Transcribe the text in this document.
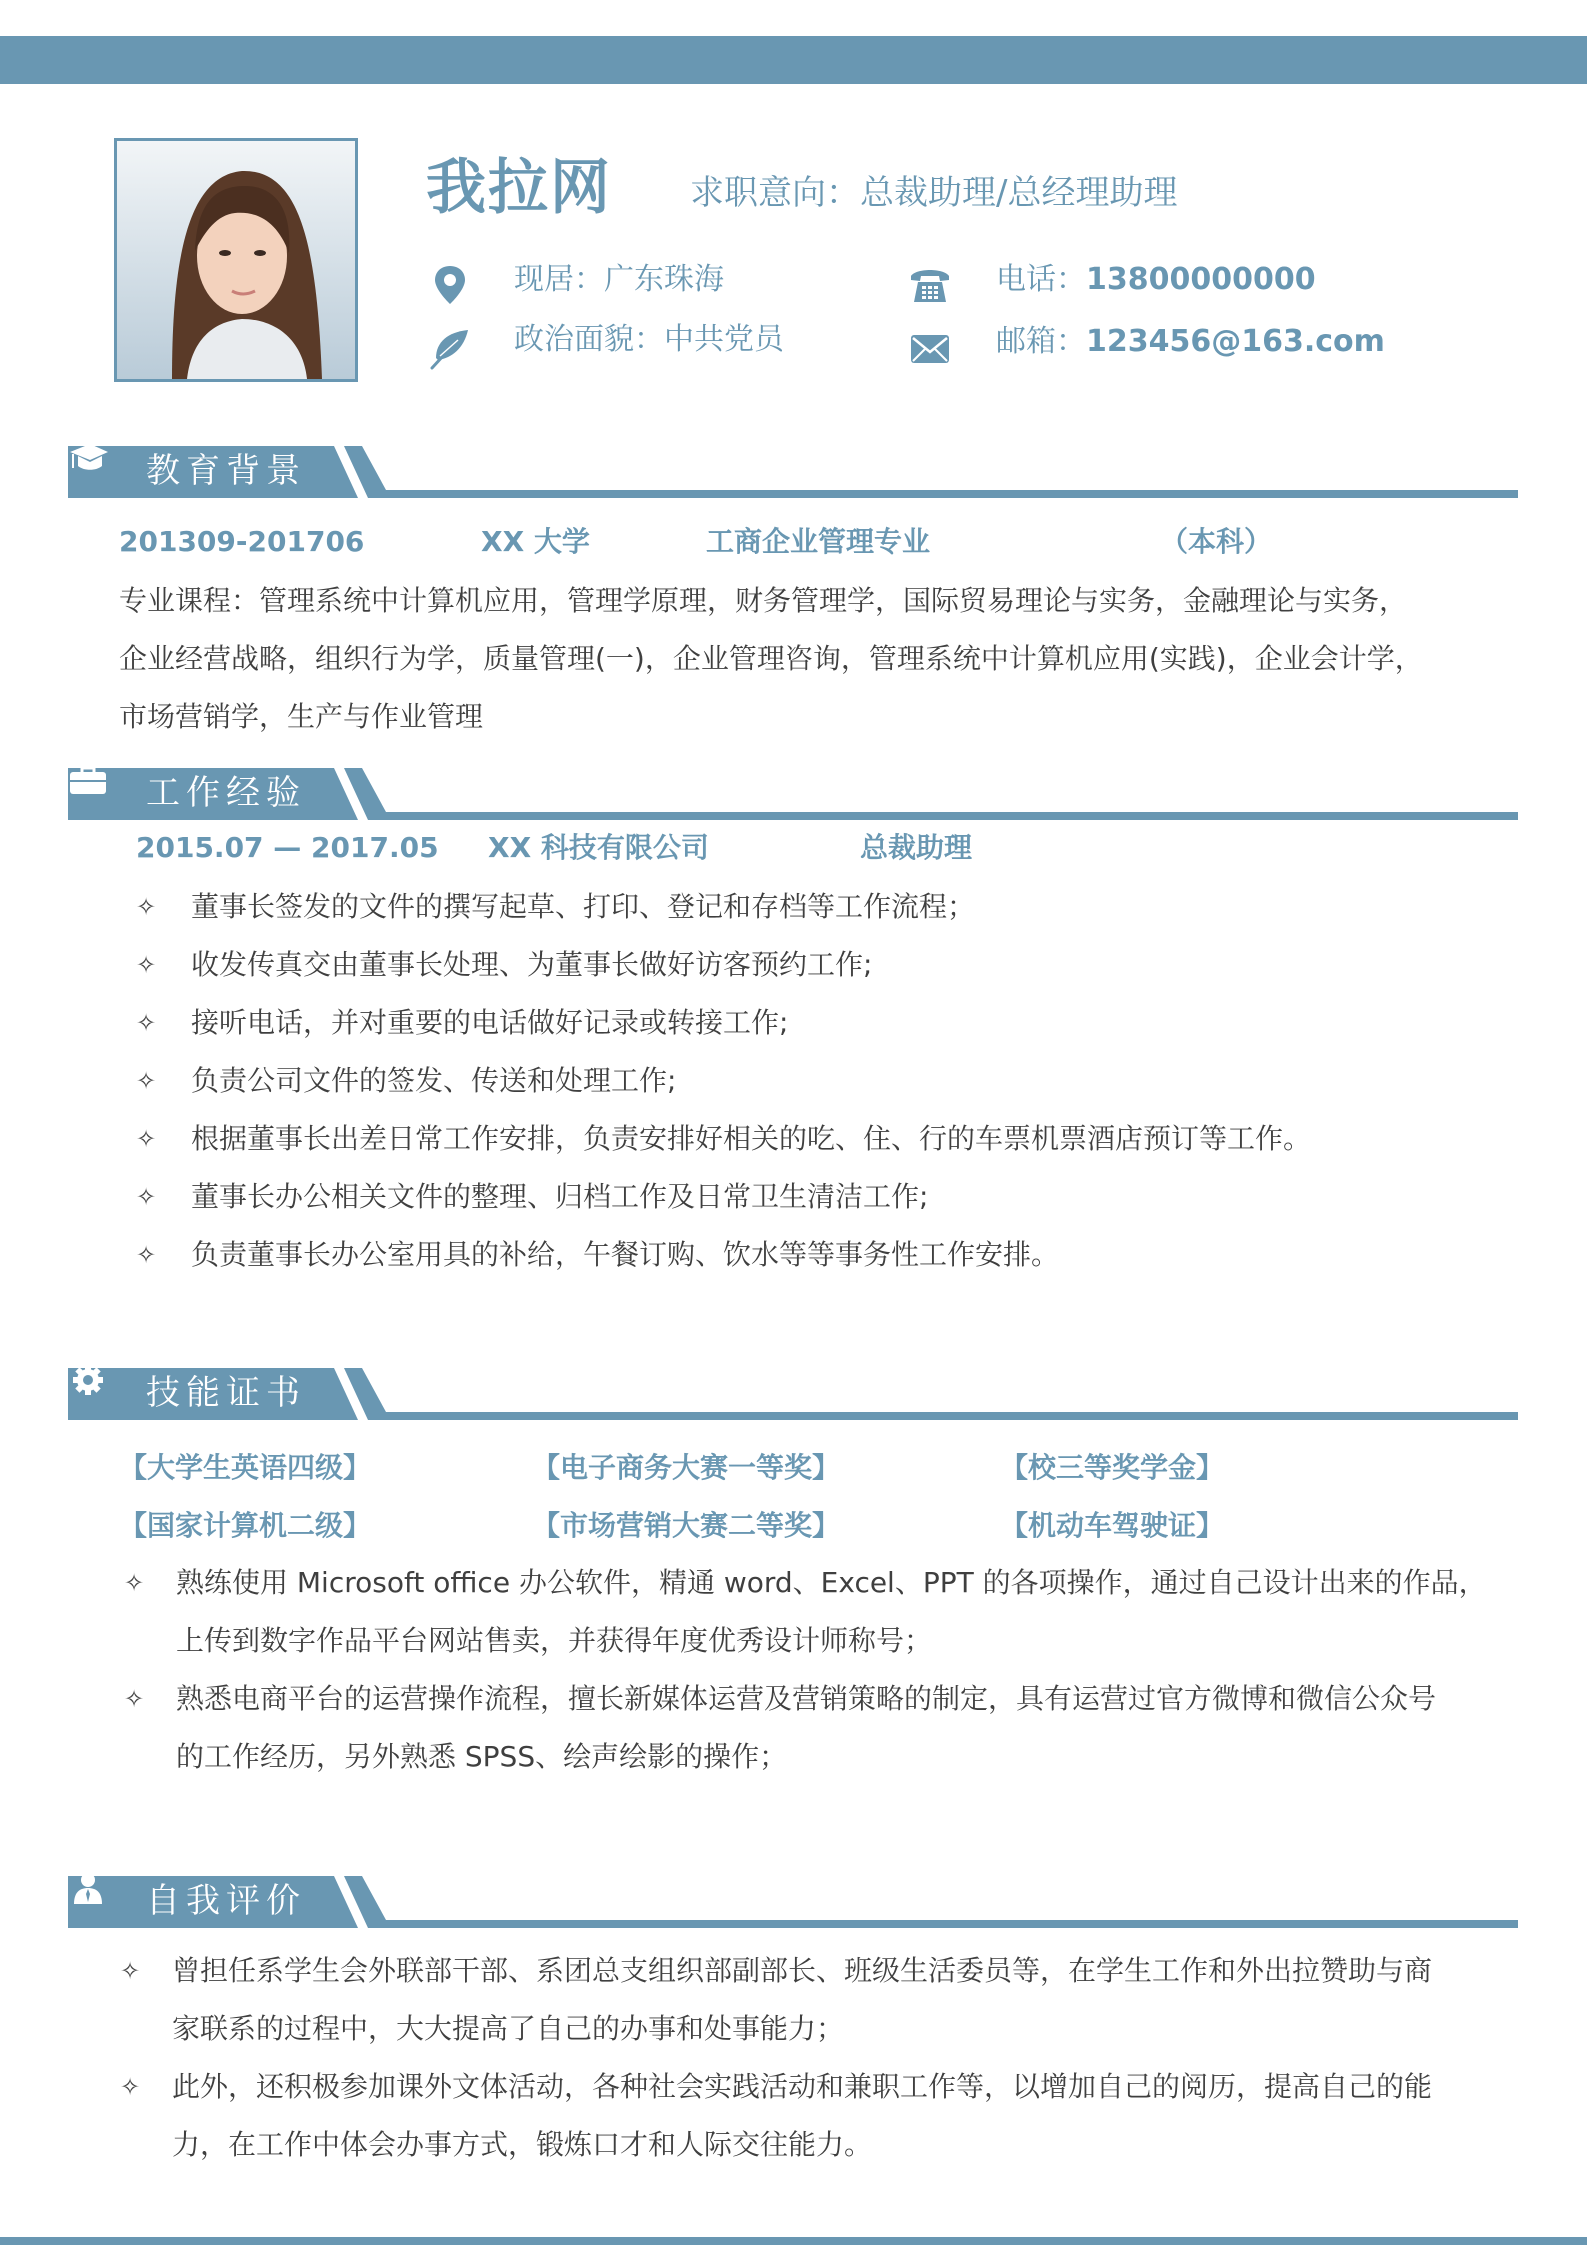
我拉网 求职意向：总裁助理/总经理助理
现居：广东珠海	电话：13800000000
政治面貌：中共党员	邮箱：123456@163.com
教育背景
201309-201706	XX 大学	工商企业管理专业	（本科）
专业课程：管理系统中计算机应用，管理学原理，财务管理学，国际贸易理论与实务，金融理论与实务，
企业经营战略，组织行为学，质量管理(一)，企业管理咨询，管理系统中计算机应用(实践)，企业会计学，
市场营销学，生产与作业管理
工作经验
2015.07 — 2017.05 XX 科技有限公司	总裁助理
✧ 董事长签发的文件的撰写起草、打印、登记和存档等工作流程；
✧ 收发传真交由董事长处理、为董事长做好访客预约工作;
✧ 接听电话，并对重要的电话做好记录或转接工作;
✧ 负责公司文件的签发、传送和处理工作;
✧ 根据董事长出差日常工作安排，负责安排好相关的吃、住、行的车票机票酒店预订等工作。
✧ 董事长办公相关文件的整理、归档工作及日常卫生清洁工作;
✧ 负责董事长办公室用具的补给，午餐订购、饮水等等事务性工作安排。
技能证书
【大学生英语四级】	【电子商务大赛一等奖】	【校三等奖学金】
【国家计算机二级】	【市场营销大赛二等奖】	【机动车驾驶证】
✧ 熟练使用 Microsoft office 办公软件，精通 word、Excel、PPT 的各项操作，通过自己设计出来的作品，
上传到数字作品平台网站售卖，并获得年度优秀设计师称号；
✧ 熟悉电商平台的运营操作流程，擅长新媒体运营及营销策略的制定，具有运营过官方微博和微信公众号
的工作经历，另外熟悉 SPSS、绘声绘影的操作；
自我评价
✧ 曾担任系学生会外联部干部、系团总支组织部副部长、班级生活委员等，在学生工作和外出拉赞助与商
家联系的过程中，大大提高了自己的办事和处事能力；
✧ 此外，还积极参加课外文体活动，各种社会实践活动和兼职工作等，以增加自己的阅历，提高自己的能
力，在工作中体会办事方式，锻炼口才和人际交往能力。
